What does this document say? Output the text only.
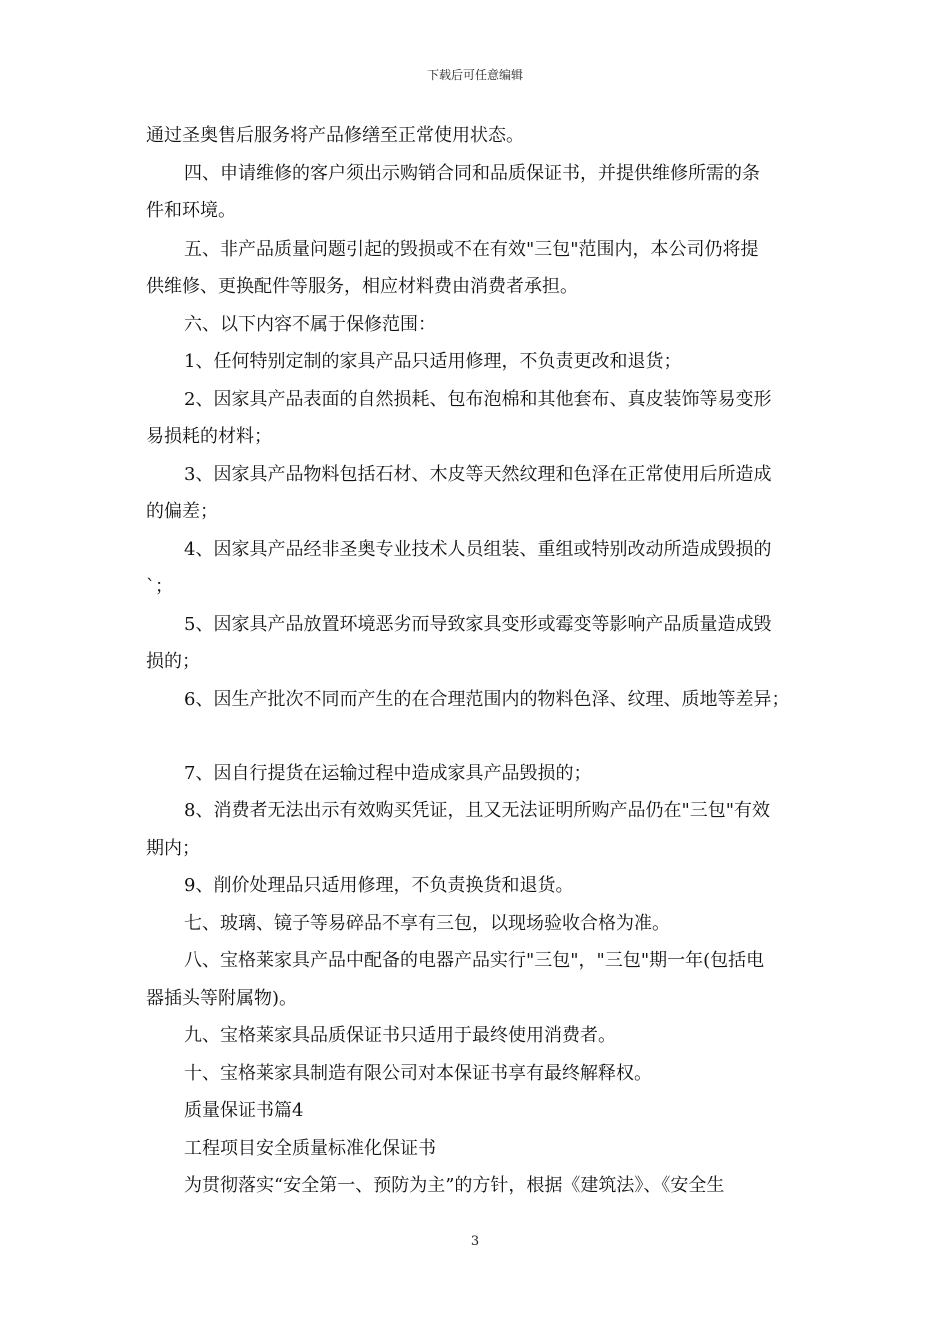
下载后可任意编辑
通过圣奥售后服务将产品修缮至正常使用状态。
四、申请维修的客户须出示购销合同和品质保证书，并提供维修所需的条
件和环境。
五、非产品质量问题引起的毁损或不在有效"三包"范围内，本公司仍将提
供维修、更换配件等服务，相应材料费由消费者承担。
六、以下内容不属于保修范围：
1、任何特别定制的家具产品只适用修理，不负责更改和退货；
2、因家具产品表面的自然损耗、包布泡棉和其他套布、真皮装饰等易变形
易损耗的材料；
3、因家具产品物料包括石材、木皮等天然纹理和色泽在正常使用后所造成
的偏差；
4、因家具产品经非圣奥专业技术人员组装、重组或特别改动所造成毁损的
`；
5、因家具产品放置环境恶劣而导致家具变形或霉变等影响产品质量造成毁
损的；
6、因生产批次不同而产生的在合理范围内的物料色泽、纹理、质地等差异；
7、因自行提货在运输过程中造成家具产品毁损的；
8、消费者无法出示有效购买凭证，且又无法证明所购产品仍在"三包"有效
期内；
9、削价处理品只适用修理，不负责换货和退货。
七、玻璃、镜子等易碎品不享有三包，以现场验收合格为准。
八、宝格莱家具产品中配备的电器产品实行"三包"，"三包"期一年(包括电
器插头等附属物)。
九、宝格莱家具品质保证书只适用于最终使用消费者。
十、宝格莱家具制造有限公司对本保证书享有最终解释权。
质量保证书篇4
工程项目安全质量标准化保证书
为贯彻落实“安全第一、预防为主”的方针，根据《建筑法》、《安全生
3
